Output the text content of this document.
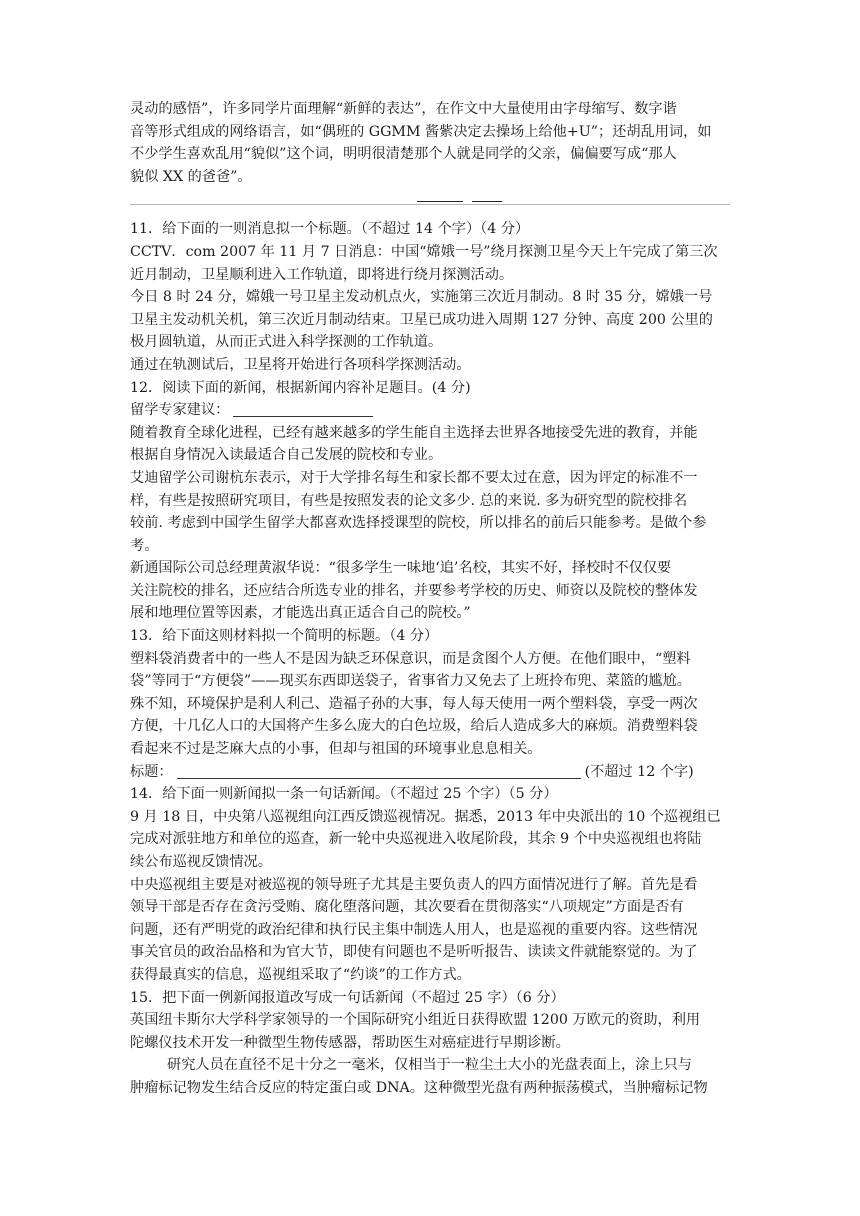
灵动的感悟”，许多同学片面理解“新鲜的表达”，在作文中大量使用由字母缩写、数字谐
音等形式组成的网络语言，如“偶班的 GGMM 酱紫决定去操场上给他+U”；还胡乱用词，如
不少学生喜欢乱用“貌似”这个词，明明很清楚那个人就是同学的父亲，偏偏要写成“那人
貌似 XX 的爸爸”。
11．给下面的一则消息拟一个标题。（不超过 14 个字）（4 分）
CCTV．com 2007 年 11 月 7 日消息：中国“嫦娥一号”绕月探测卫星今天上午完成了第三次
近月制动，卫星顺利进入工作轨道，即将进行绕月探测活动。
今日 8 时 24 分，嫦娥一号卫星主发动机点火，实施第三次近月制动。8 时 35 分，嫦娥一号
卫星主发动机关机，第三次近月制动结束。卫星已成功进入周期 127 分钟、高度 200 公里的
极月圆轨道，从而正式进入科学探测的工作轨道。
通过在轨测试后，卫星将开始进行各项科学探测活动。
12．阅读下面的新闻，根据新闻内容补足题目。(4 分)
留学专家建议：
随着教育全球化进程，已经有越来越多的学生能自主选择去世界各地接受先进的教育，并能
根据自身情况入读最适合自己发展的院校和专业。
艾迪留学公司谢杭东表示，对于大学排名每生和家长都不要太过在意，因为评定的标准不一
样，有些是按照研究项目，有些是按照发表的论文多少. 总的来说. 多为研究型的院校排名
较前. 考虑到中国学生留学大都喜欢选择授课型的院校，所以排名的前后只能参考。是做个参
考。
新通国际公司总经理黄淑华说：“很多学生一味地‘追’名校，其实不好，择校时不仅仅要
关注院校的排名，还应结合所选专业的排名，并要参考学校的历史、师资以及院校的整体发
展和地理位置等因素，才能选出真正适合自己的院校。”
13．给下面这则材料拟一个简明的标题。（4 分）
塑料袋消费者中的一些人不是因为缺乏环保意识，而是贪图个人方便。在他们眼中，“塑料
袋”等同于“方便袋”——现买东西即送袋子，省事省力又免去了上班拎布兜、菜篮的尴尬。
殊不知，环境保护是利人利己、造福子孙的大事，每人每天使用一两个塑料袋，享受一两次
方便，十几亿人口的大国将产生多么庞大的白色垃圾，给后人造成多大的麻烦。消费塑料袋
看起来不过是芝麻大点的小事，但却与祖国的环境事业息息相关。
标题：	(不超过 12 个字)
14．给下面一则新闻拟一条一句话新闻。（不超过 25 个字）（5 分）
9 月 18 日，中央第八巡视组向江西反馈巡视情况。据悉，2013 年中央派出的 10 个巡视组已
完成对派驻地方和单位的巡查，新一轮中央巡视进入收尾阶段，其余 9 个中央巡视组也将陆
续公布巡视反馈情况。
中央巡视组主要是对被巡视的领导班子尤其是主要负责人的四方面情况进行了解。首先是看
领导干部是否存在贪污受贿、腐化堕落问题，其次要看在贯彻落实“八项规定”方面是否有
问题，还有严明党的政治纪律和执行民主集中制选人用人，也是巡视的重要内容。这些情况
事关官员的政治品格和为官大节，即使有问题也不是听听报告、读读文件就能察觉的。为了
获得最真实的信息，巡视组采取了“约谈”的工作方式。
15．把下面一例新闻报道改写成一句话新闻（不超过 25 字）（6 分）
英国纽卡斯尔大学科学家领导的一个国际研究小组近日获得欧盟 1200 万欧元的资助，利用
陀螺仪技术开发一种微型生物传感器，帮助医生对癌症进行早期诊断。
研究人员在直径不足十分之一毫米，仅相当于一粒尘土大小的光盘表面上，涂上只与
肿瘤标记物发生结合反应的特定蛋白或 DNA。这种微型光盘有两种振荡模式，当肿瘤标记物
